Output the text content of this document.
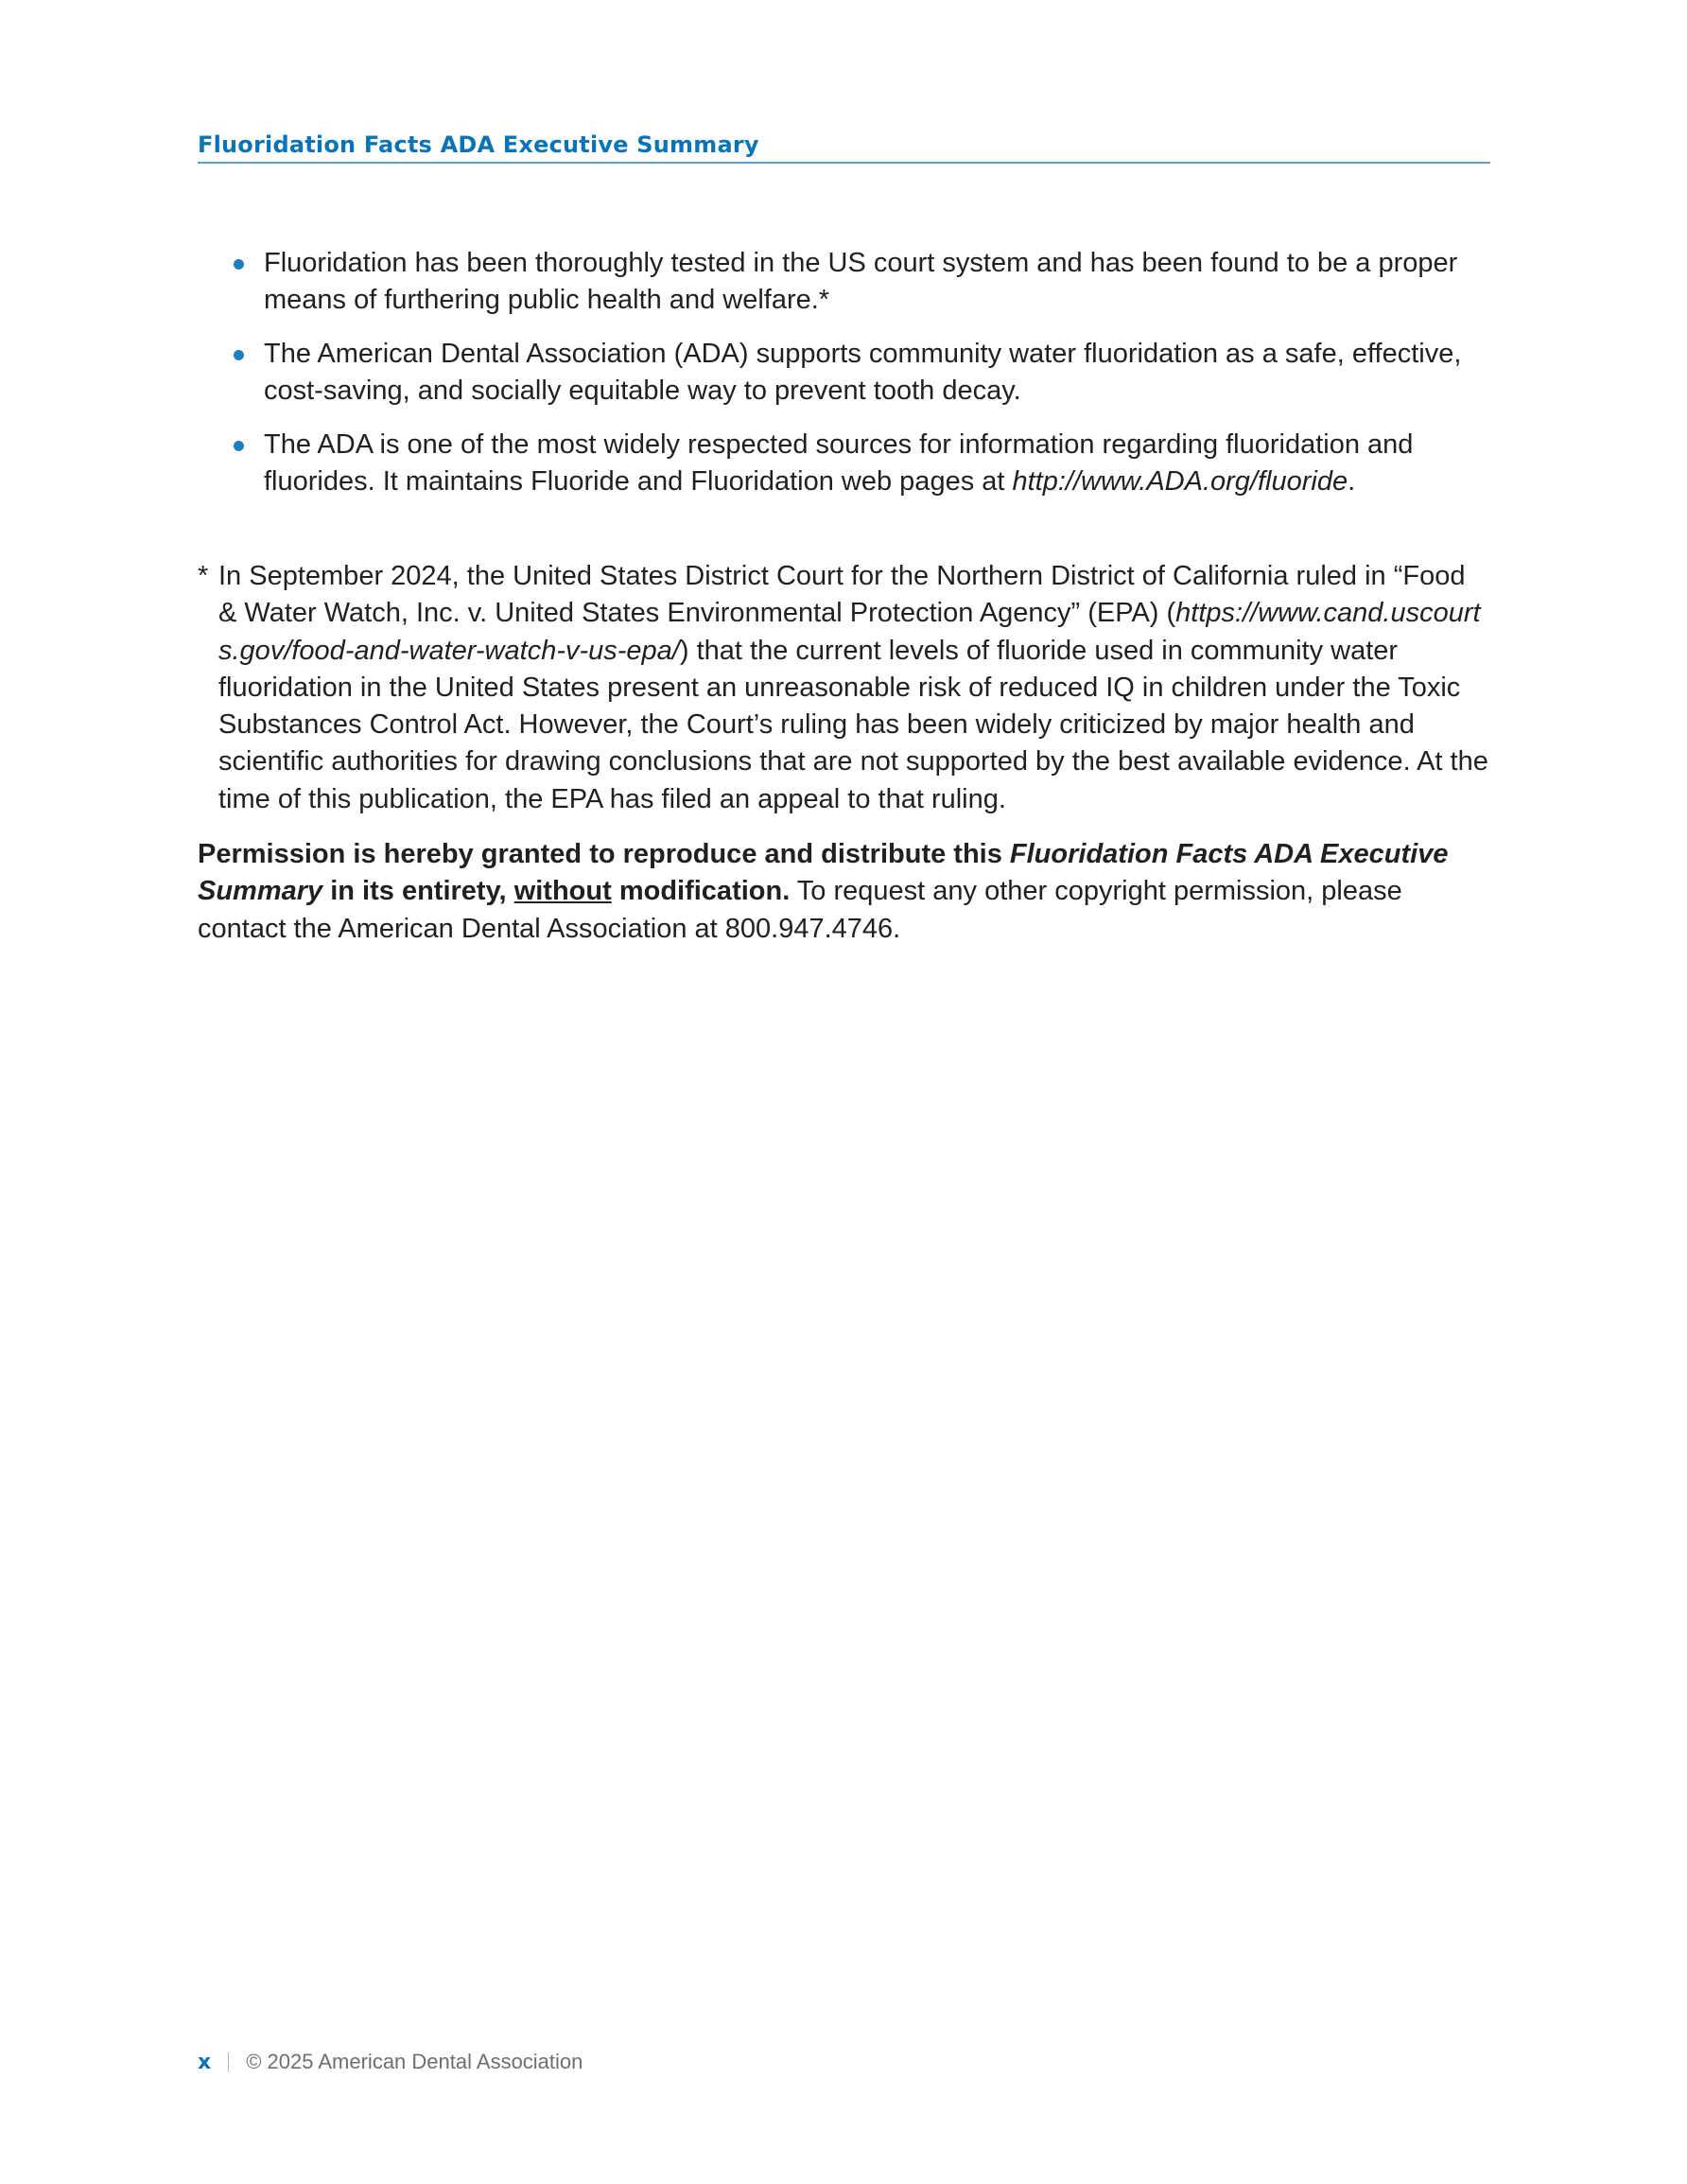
Fluoridation Facts ADA Executive Summary
Fluoridation has been thoroughly tested in the US court system and has been found to be a proper means of furthering public health and welfare.*
The American Dental Association (ADA) supports community water fluoridation as a safe, effective, cost-saving, and socially equitable way to prevent tooth decay.
The ADA is one of the most widely respected sources for information regarding fluoridation and fluorides. It maintains Fluoride and Fluoridation web pages at http://www.ADA.org/fluoride.
* In September 2024, the United States District Court for the Northern District of California ruled in “Food & Water Watch, Inc. v. United States Environmental Protection Agency” (EPA) (https://www.cand.uscourts.gov/food-and-water-watch-v-us-epa/) that the current levels of fluoride used in community water fluoridation in the United States present an unreasonable risk of reduced IQ in children under the Toxic Substances Control Act. However, the Court’s ruling has been widely criticized by major health and scientific authorities for drawing conclusions that are not supported by the best available evidence. At the time of this publication, the EPA has filed an appeal to that ruling.
Permission is hereby granted to reproduce and distribute this Fluoridation Facts ADA Executive Summary in its entirety, without modification. To request any other copyright permission, please contact the American Dental Association at 800.947.4746.
x © 2025 American Dental Association
